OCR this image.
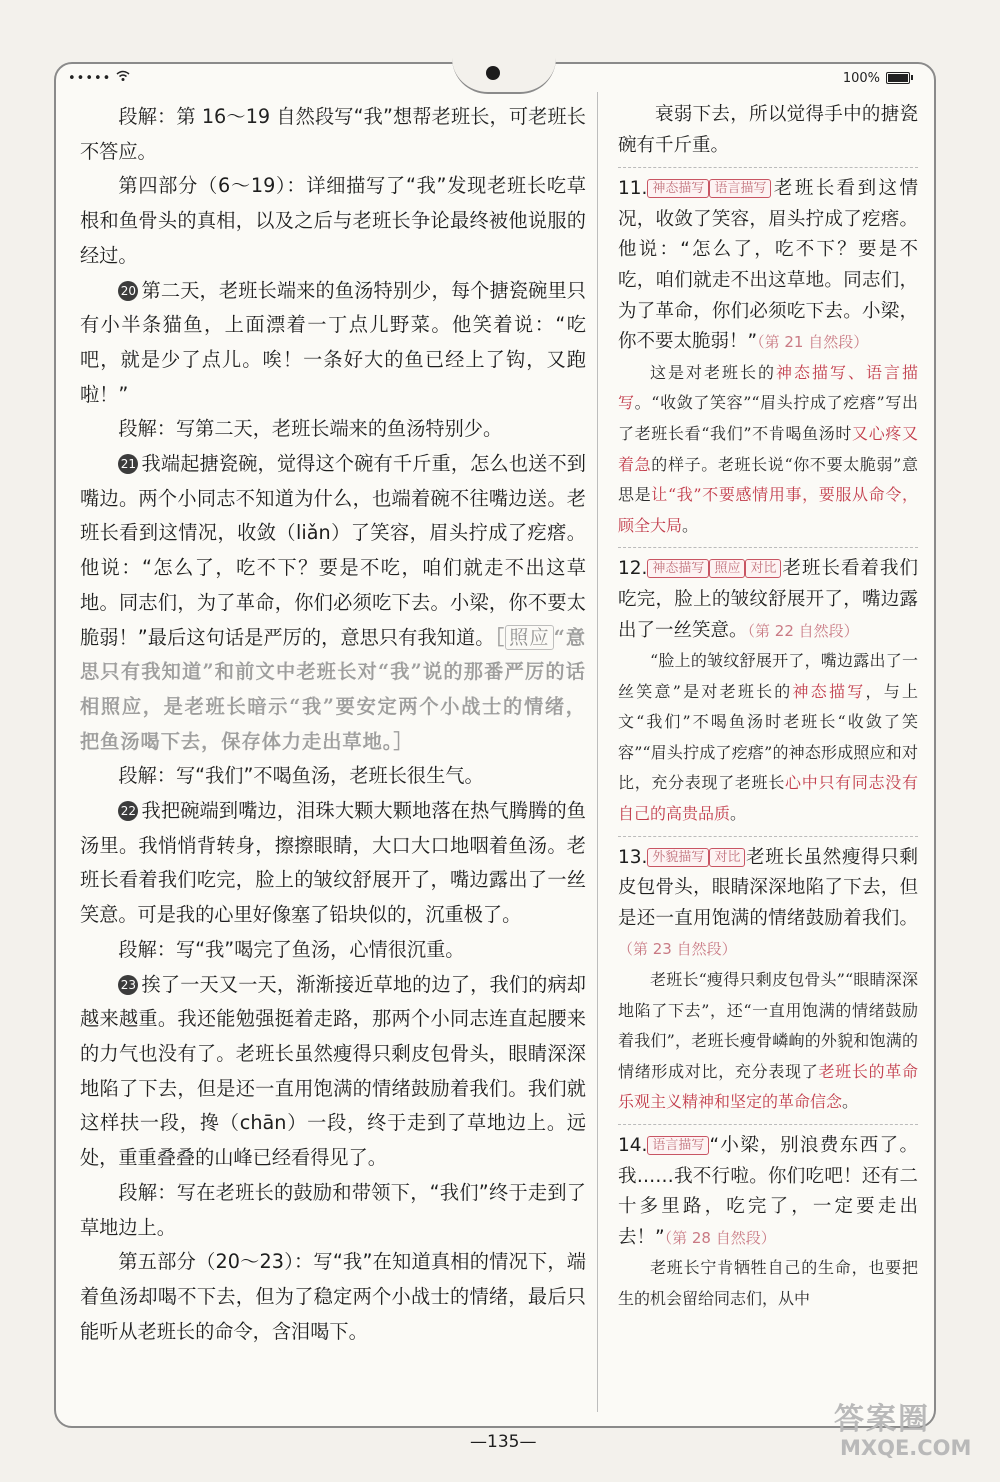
•••••	100%

段解：第 16～19 自然段写“我”想帮老班长，可老班长不答应。

第四部分（6～19）：详细描写了“我”发现老班长吃草根和鱼骨头的真相，以及之后与老班长争论最终被他说服的经过。

20 第二天，老班长端来的鱼汤特别少，每个搪瓷碗里只有小半条猫鱼，上面漂着一丁点儿野菜。他笑着说：“吃吧，就是少了点儿。唉！一条好大的鱼已经上了钩，又跑啦！”

段解：写第二天，老班长端来的鱼汤特别少。

21 我端起搪瓷碗，觉得这个碗有千斤重，怎么也送不到嘴边。两个小同志不知道为什么，也端着碗不往嘴边送。老班长看到这情况，收敛（liǎn）了笑容，眉头拧成了疙瘩。他说：“怎么了，吃不下？要是不吃，咱们就走不出这草地。同志们，为了革命，你们必须吃下去。小梁，你不要太脆弱！”最后这句话是严厉的，意思只有我知道。［ 照应 “意思只有我知道”和前文中老班长对“我”说的那番严厉的话相照应，是老班长暗示“我”要安定两个小战士的情绪，把鱼汤喝下去，保存体力走出草地。］

段解：写“我们”不喝鱼汤，老班长很生气。

22 我把碗端到嘴边，泪珠大颗大颗地落在热气腾腾的鱼汤里。我悄悄背转身，擦擦眼睛，大口大口地咽着鱼汤。老班长看着我们吃完，脸上的皱纹舒展开了，嘴边露出了一丝笑意。可是我的心里好像塞了铅块似的，沉重极了。

段解：写“我”喝完了鱼汤，心情很沉重。

23 挨了一天又一天，渐渐接近草地的边了，我们的病却越来越重。我还能勉强挺着走路，那两个小同志连直起腰来的力气也没有了。老班长虽然瘦得只剩皮包骨头，眼睛深深地陷了下去，但是还一直用饱满的情绪鼓励着我们。我们就这样扶一段，搀（chān）一段，终于走到了草地边上。远处，重重叠叠的山峰已经看得见了。

段解：写在老班长的鼓励和带领下，“我们”终于走到了草地边上。

第五部分（20～23）：写“我”在知道真相的情况下，端着鱼汤却喝不下去，但为了稳定两个小战士的情绪，最后只能听从老班长的命令，含泪喝下。

衰弱下去，所以觉得手中的搪瓷碗有千斤重。

11. 神态描写 语言描写 老班长看到这情况，收敛了笑容，眉头拧成了疙瘩。他说：“怎么了，吃不下？要是不吃，咱们就走不出这草地。同志们，为了革命，你们必须吃下去。小梁，你不要太脆弱！”（第 21 自然段）

这是对老班长的神态描写、语言描写。“收敛了笑容”“眉头拧成了疙瘩”写出了老班长看“我们”不肯喝鱼汤时又心疼又着急的样子。老班长说“你不要太脆弱”意思是让“我”不要感情用事，要服从命令，顾全大局。

12. 神态描写 照应 对比 老班长看着我们吃完，脸上的皱纹舒展开了，嘴边露出了一丝笑意。（第 22 自然段）

“脸上的皱纹舒展开了，嘴边露出了一丝笑意”是对老班长的神态描写，与上文“我们”不喝鱼汤时老班长“收敛了笑容”“眉头拧成了疙瘩”的神态形成照应和对比，充分表现了老班长心中只有同志没有自己的高贵品质。

13. 外貌描写 对比 老班长虽然瘦得只剩皮包骨头，眼睛深深地陷了下去，但是还一直用饱满的情绪鼓励着我们。（第 23 自然段）

老班长“瘦得只剩皮包骨头”“眼睛深深地陷了下去”，还“一直用饱满的情绪鼓励着我们”，老班长瘦骨嶙峋的外貌和饱满的情绪形成对比，充分表现了老班长的革命乐观主义精神和坚定的革命信念。

14. 语言描写 “小梁，别浪费东西了。我……我不行啦。你们吃吧！还有二十多里路，吃完了，一定要走出去！”（第 28 自然段）

老班长宁肯牺牲自己的生命，也要把生的机会留给同志们，从中

—135—
答案圈
MXQE.COM
